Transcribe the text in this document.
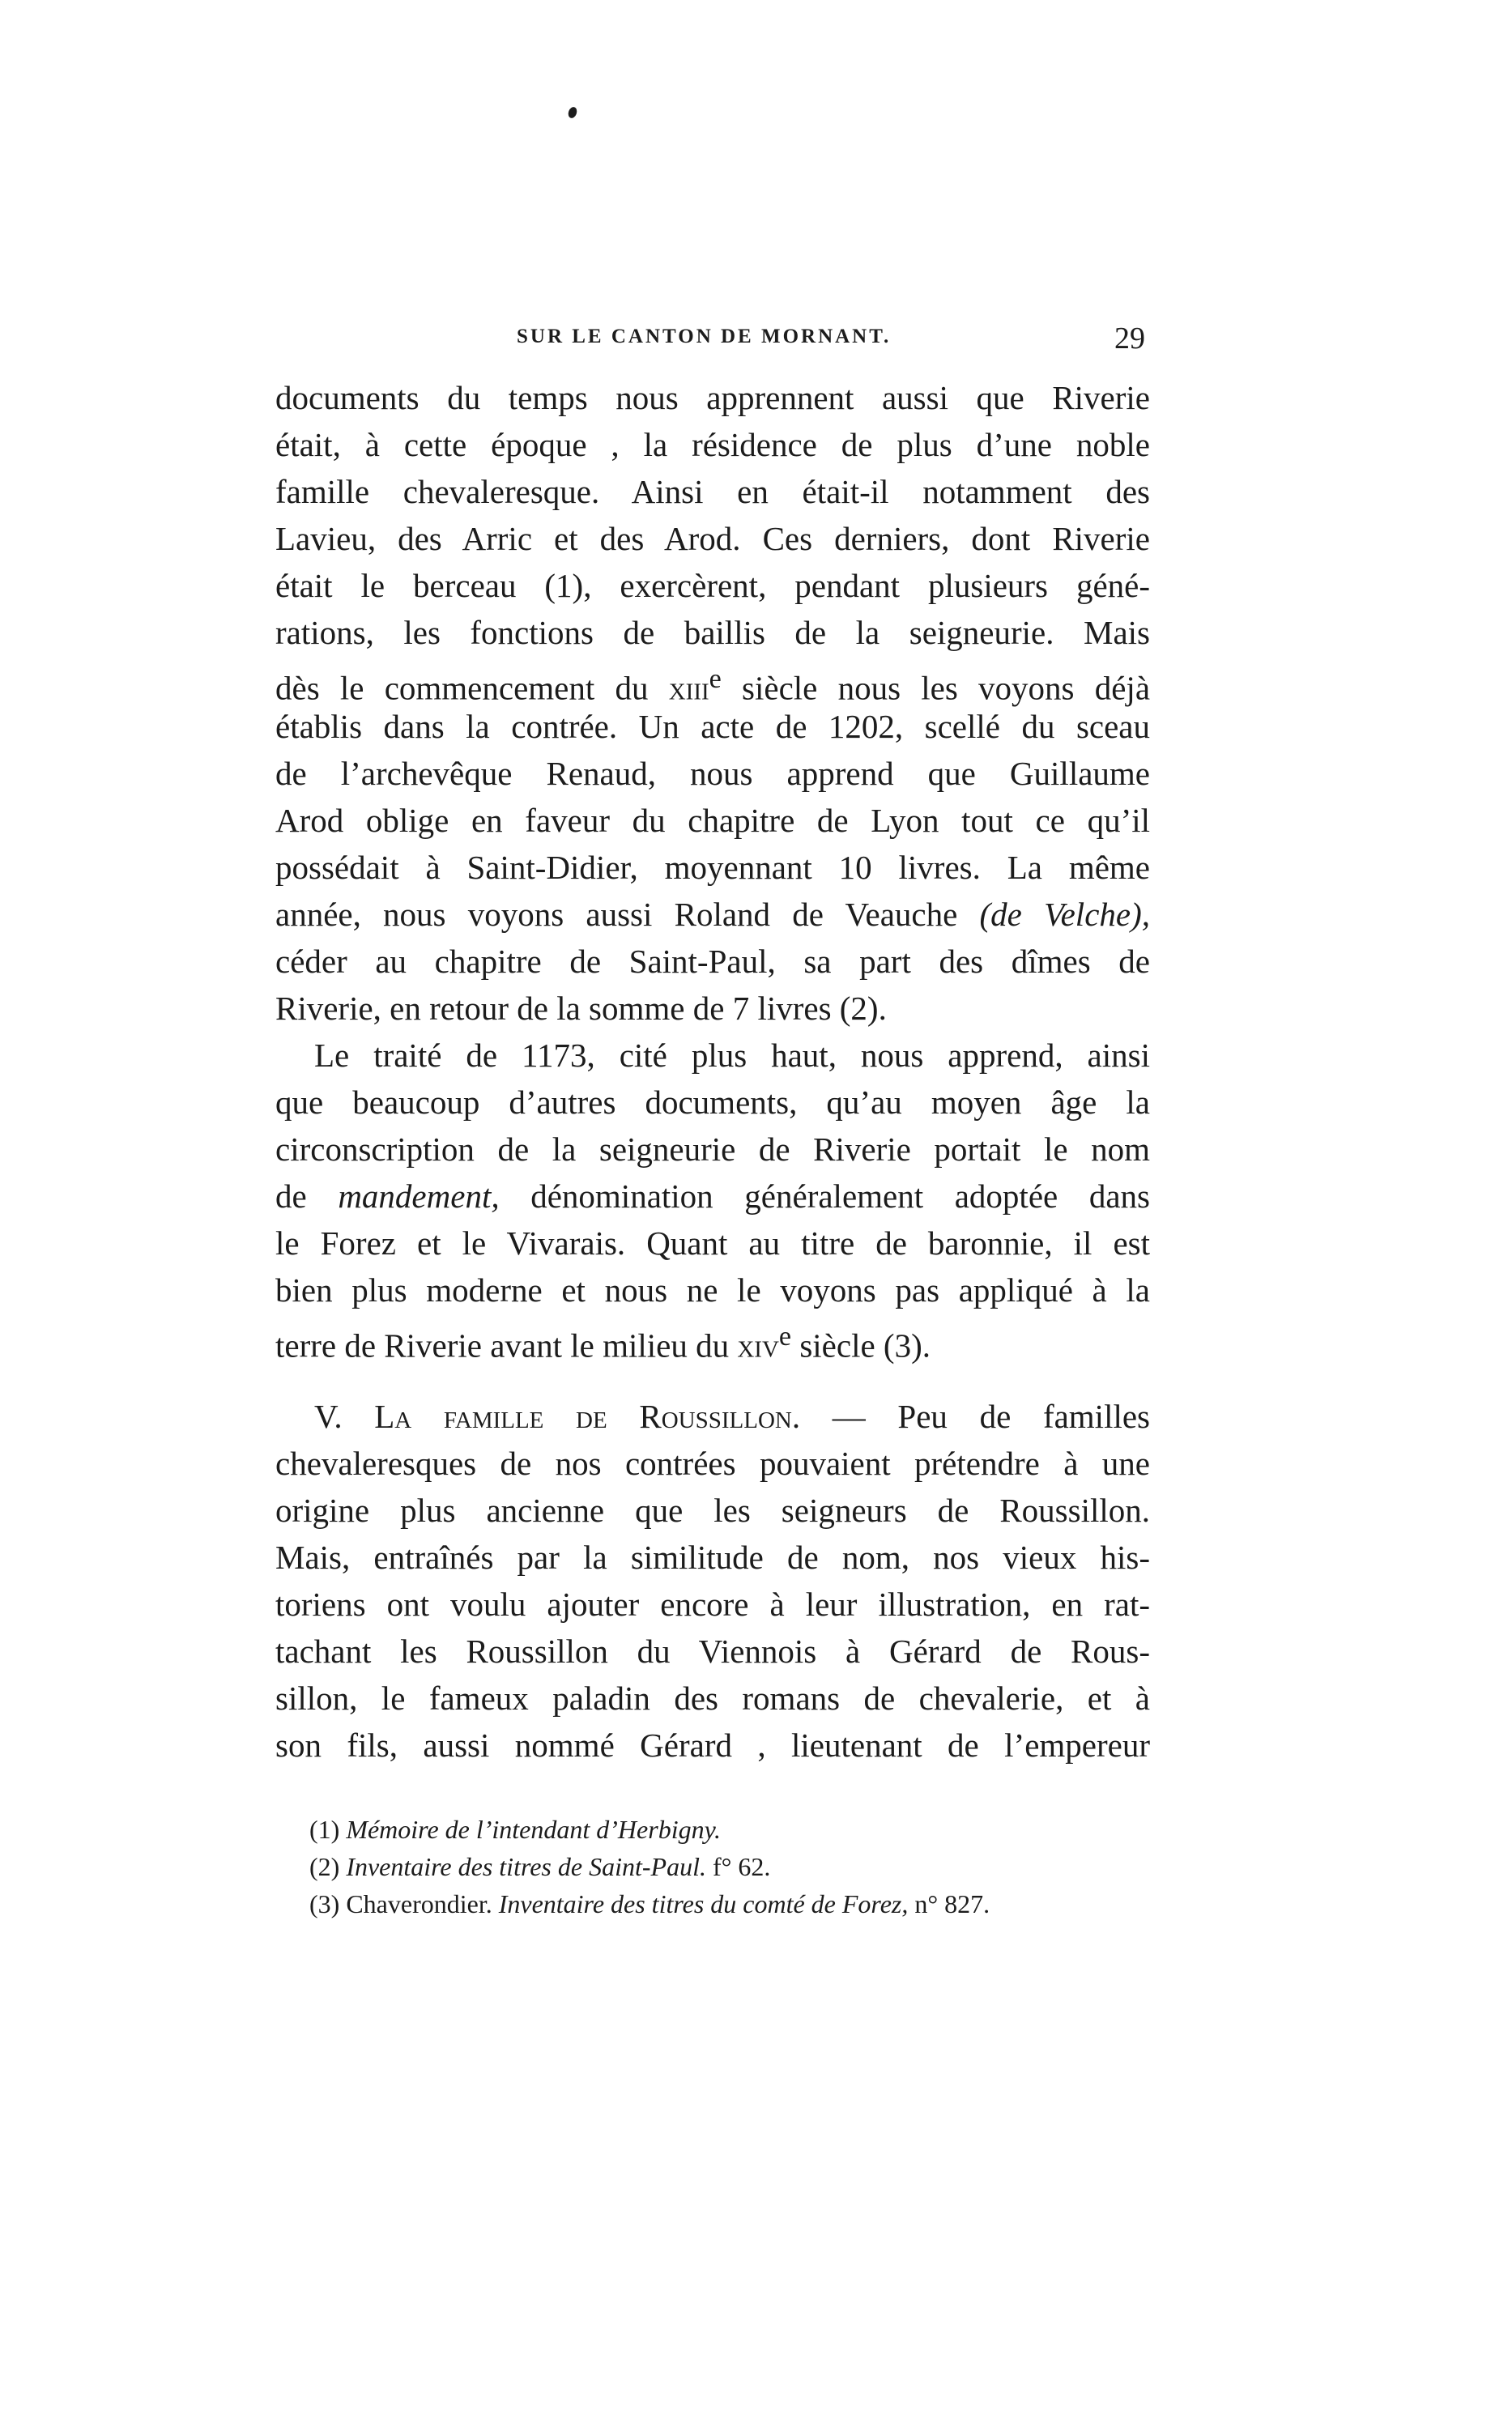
SUR LE CANTON DE MORNANT.	29
documents du temps nous apprennent aussi que Riverie
était, à cette époque , la résidence de plus d’une noble
famille chevaleresque. Ainsi en était-il notamment des
Lavieu, des Arric et des Arod. Ces derniers, dont Riverie
était le berceau (1), exercèrent, pendant plusieurs géné-
rations, les fonctions de baillis de la seigneurie. Mais
dès le commencement du xiii$^e$ siècle nous les voyons déjà
établis dans la contrée. Un acte de 1202, scellé du sceau
de l’archevêque Renaud, nous apprend que Guillaume
Arod oblige en faveur du chapitre de Lyon tout ce qu’il
possédait à Saint-Didier, moyennant 10 livres. La même
année, nous voyons aussi Roland de Veauche (de Velche),
céder au chapitre de Saint-Paul, sa part des dîmes de
Riverie, en retour de la somme de 7 livres (2).
Le traité de 1173, cité plus haut, nous apprend, ainsi
que beaucoup d’autres documents, qu’au moyen âge la
circonscription de la seigneurie de Riverie portait le nom
de mandement, dénomination généralement adoptée dans
le Forez et le Vivarais. Quant au titre de baronnie, il est
bien plus moderne et nous ne le voyons pas appliqué à la
terre de Riverie avant le milieu du xiv$^e$ siècle (3).
V. La famille de Roussillon. — Peu de familles
chevaleresques de nos contrées pouvaient prétendre à une
origine plus ancienne que les seigneurs de Roussillon.
Mais, entraînés par la similitude de nom, nos vieux his-
toriens ont voulu ajouter encore à leur illustration, en rat-
tachant les Roussillon du Viennois à Gérard de Rous-
sillon, le fameux paladin des romans de chevalerie, et à
son fils, aussi nommé Gérard , lieutenant de l’empereur
(1) Mémoire de l’intendant d’Herbigny.
(2) Inventaire des titres de Saint-Paul. f° 62.
(3) Chaverondier. Inventaire des titres du comté de Forez, n° 827.
